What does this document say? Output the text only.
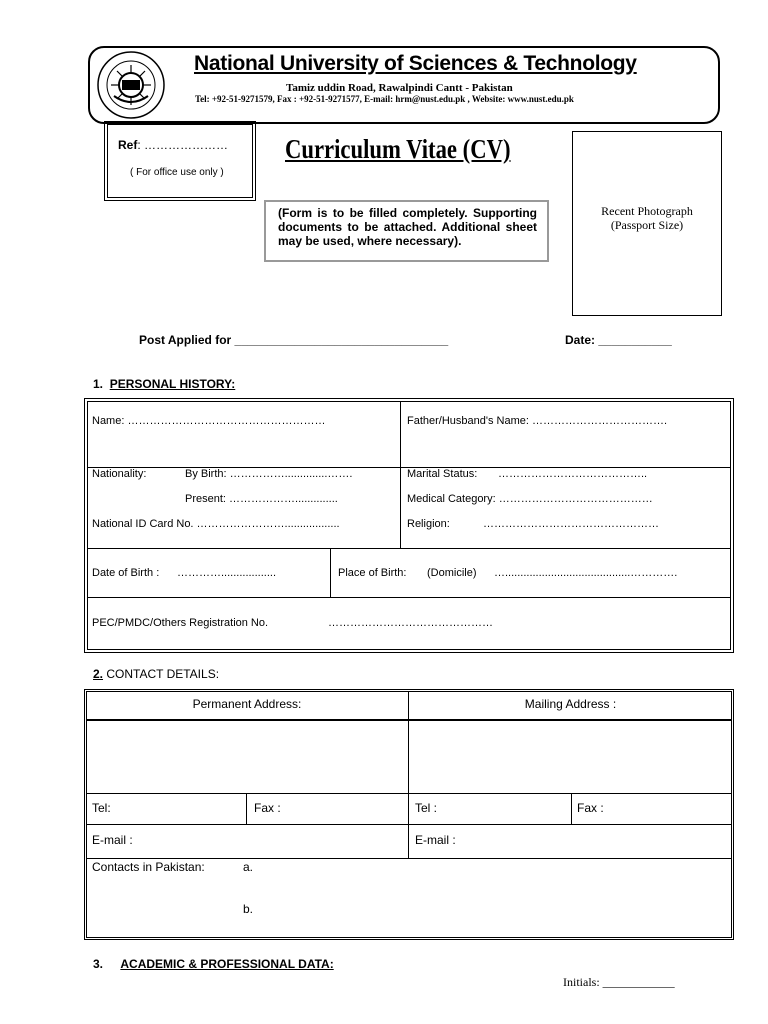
National University of Sciences & Technology
Tamiz uddin Road, Rawalpindi Cantt - Pakistan
Tel: +92-51-9271579, Fax : +92-51-9271577, E-mail: hrm@nust.edu.pk , Website: www.nust.edu.pk
Ref: …………………
( For office use only )
Curriculum Vitae (CV)
(Form is to be filled completely. Supporting documents to be attached. Additional sheet may be used, where necessary).
Recent Photograph
(Passport Size)
Post Applied for ________________________________	Date: ___________
1. PERSONAL HISTORY:
Name: ………………………………………………	Father/Husband's Name: ……………………………….
Nationality:	By Birth: ……………..............…….
Present: ………………..............
National ID Card No. ……………………..................
Marital Status: …………………………………..
Medical Category: ……………………………………
Religion:	…………………………………………
Date of Birth : …………..................	Place of Birth: (Domicile) ….........................................………….
PEC/PMDC/Others Registration No.	………………………………………
2. CONTACT DETAILS:
Permanent Address:	Mailing Address :
Tel:	Fax :	Tel :	Fax :
E-mail :	E-mail :
Contacts in Pakistan:	a.
b.
3. ACADEMIC & PROFESSIONAL DATA:
Initials: ____________
